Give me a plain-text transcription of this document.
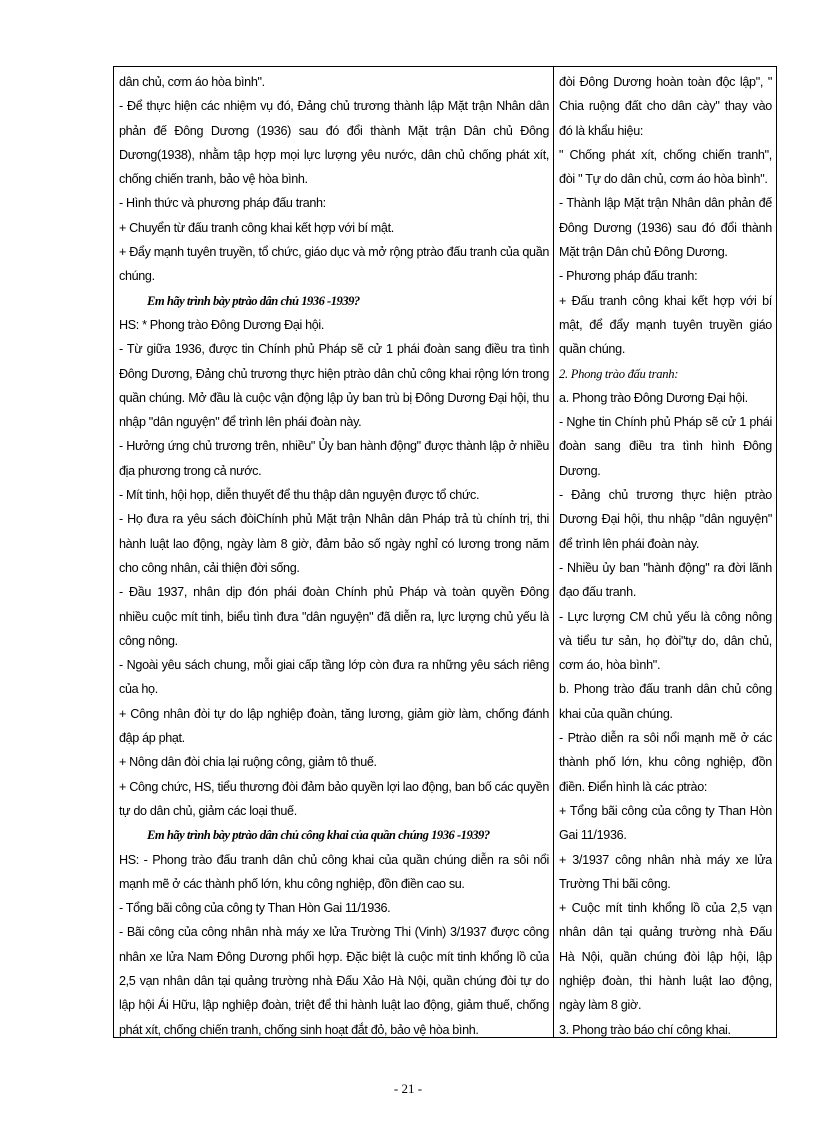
dân chủ, cơm áo hòa bình".
- Để thực hiện các nhiệm vụ đó, Đảng chủ trương thành lập Mặt trận Nhân dân
phản đế Đông Dương (1936) sau đó đổi thành Mặt trận Dân chủ Đông
Dương(1938), nhằm tập hợp mọi lực lượng yêu nước, dân chủ chống phát xít,
chống chiến tranh, bảo vệ hòa bình.
- Hình thức và phương pháp đấu tranh:
+ Chuyển từ đấu tranh công khai kết hợp với bí mật.
+ Đẩy mạnh tuyên truyền, tổ chức, giáo dục và mở rộng ptrào đấu tranh của quần
chúng.
Em hãy trình bày ptrào dân chủ 1936 -1939?
HS: * Phong trào Đông Dương Đại hội.
- Từ giữa 1936, được tin Chính phủ Pháp sẽ cử 1 phái đoàn sang điều tra tình
Đông Dương, Đảng chủ trương thực hiện ptrào dân chủ công khai rộng lớn trong
quần chúng. Mở đầu là cuộc vận động lập ủy ban trù bị Đông Dương Đại hội, thu
nhập "dân nguyện" để trình lên phái đoàn này.
- Hưởng ứng chủ trương trên, nhiều" Ủy ban hành động" được thành lập ở nhiều
địa phương trong cả nước.
- Mít tinh, hội họp, diễn thuyết để thu thập dân nguyện được tổ chức.
- Họ đưa ra yêu sách đòiChính phủ Mặt trận Nhân dân Pháp trả tù chính trị, thi
hành luật lao động, ngày làm 8 giờ, đảm bảo số ngày nghỉ có lương trong năm
cho công nhân, cải thiện đời sống.
- Đầu 1937, nhân dịp đón phái đoàn Chính phủ Pháp và toàn quyền Đông
nhiều cuộc mít tinh, biểu tình đưa "dân nguyện" đã diễn ra, lực lượng chủ yếu là
công nông.
- Ngoài yêu sách chung, mỗi giai cấp tầng lớp còn đưa ra những yêu sách riêng
của họ.
+ Công nhân đòi tự do lập nghiệp đoàn, tăng lương, giảm giờ làm, chống đánh
đập áp phạt.
+ Nông dân đòi chia lại ruộng công, giảm tô thuế.
+ Công chức, HS, tiểu thương đòi đảm bảo quyền lợi lao động, ban bố các quyền
tự do dân chủ, giảm các loại thuế.
Em hãy trình bày ptrào dân chủ công khai của quần chúng 1936 -1939?
HS: - Phong trào đấu tranh dân chủ công khai của quần chúng diễn ra sôi nổi
mạnh mẽ ở các thành phố lớn, khu công nghiệp, đồn điền cao su.
- Tổng bãi công của công ty Than Hòn Gai 11/1936.
- Bãi công của công nhân nhà máy xe lửa Trường Thi (Vinh) 3/1937 được công
nhân xe lửa Nam Đông Dương phối hợp. Đặc biệt là cuộc mít tinh khổng lồ của
2,5 vạn nhân dân tại quảng trường nhà Đấu Xảo Hà Nội, quần chúng đòi tự do
lập hội Ái Hữu, lập nghiệp đoàn, triệt để thi hành luật lao động, giảm thuế, chống
phát xít, chống chiến tranh, chống sinh hoạt đắt đỏ, bảo vệ hòa bình.
đòi Đông Dương hoàn toàn độc lập", "
Chia ruộng đất cho dân cày" thay vào
đó là khẩu hiệu:
" Chống phát xít, chống chiến tranh",
đòi " Tự do dân chủ, cơm áo hòa bình".
- Thành lập Mặt trận Nhân dân phản đế
Đông Dương (1936) sau đó đổi thành
Mặt trận Dân chủ Đông Dương.
- Phương pháp đấu tranh:
+ Đấu tranh công khai kết hợp với bí
mật, để đẩy mạnh tuyên truyền giáo
quần chúng.
2. Phong trào đấu tranh:
a. Phong trào Đông Dương Đại hội.
- Nghe tin Chính phủ Pháp sẽ cử 1 phái
đoàn sang điều tra tình hình Đông
Dương.
- Đảng chủ trương thực hiện ptrào
Dương Đại hội, thu nhập "dân nguyện"
để trình lên phái đoàn này.
- Nhiều ủy ban "hành động" ra đời lãnh
đạo đấu tranh.
- Lực lượng CM chủ yếu là công nông
và tiểu tư sản, họ đòi"tự do, dân chủ,
cơm áo, hòa bình".
b. Phong trào đấu tranh dân chủ công
khai của quần chúng.
- Ptrào diễn ra sôi nổi mạnh mẽ ở các
thành phố lớn, khu công nghiệp, đồn
điền. Điển hình là các ptrào:
+ Tổng bãi công của công ty Than Hòn
Gai 11/1936.
+ 3/1937 công nhân nhà máy xe lửa
Trường Thi bãi công.
+ Cuộc mít tinh khổng lồ của 2,5 vạn
nhân dân tại quảng trường nhà Đấu
Hà Nội, quần chúng đòi lập hội, lập
nghiệp đoàn, thi hành luật lao động,
ngày làm 8 giờ.
3. Phong trào báo chí công khai.
- 21 -
